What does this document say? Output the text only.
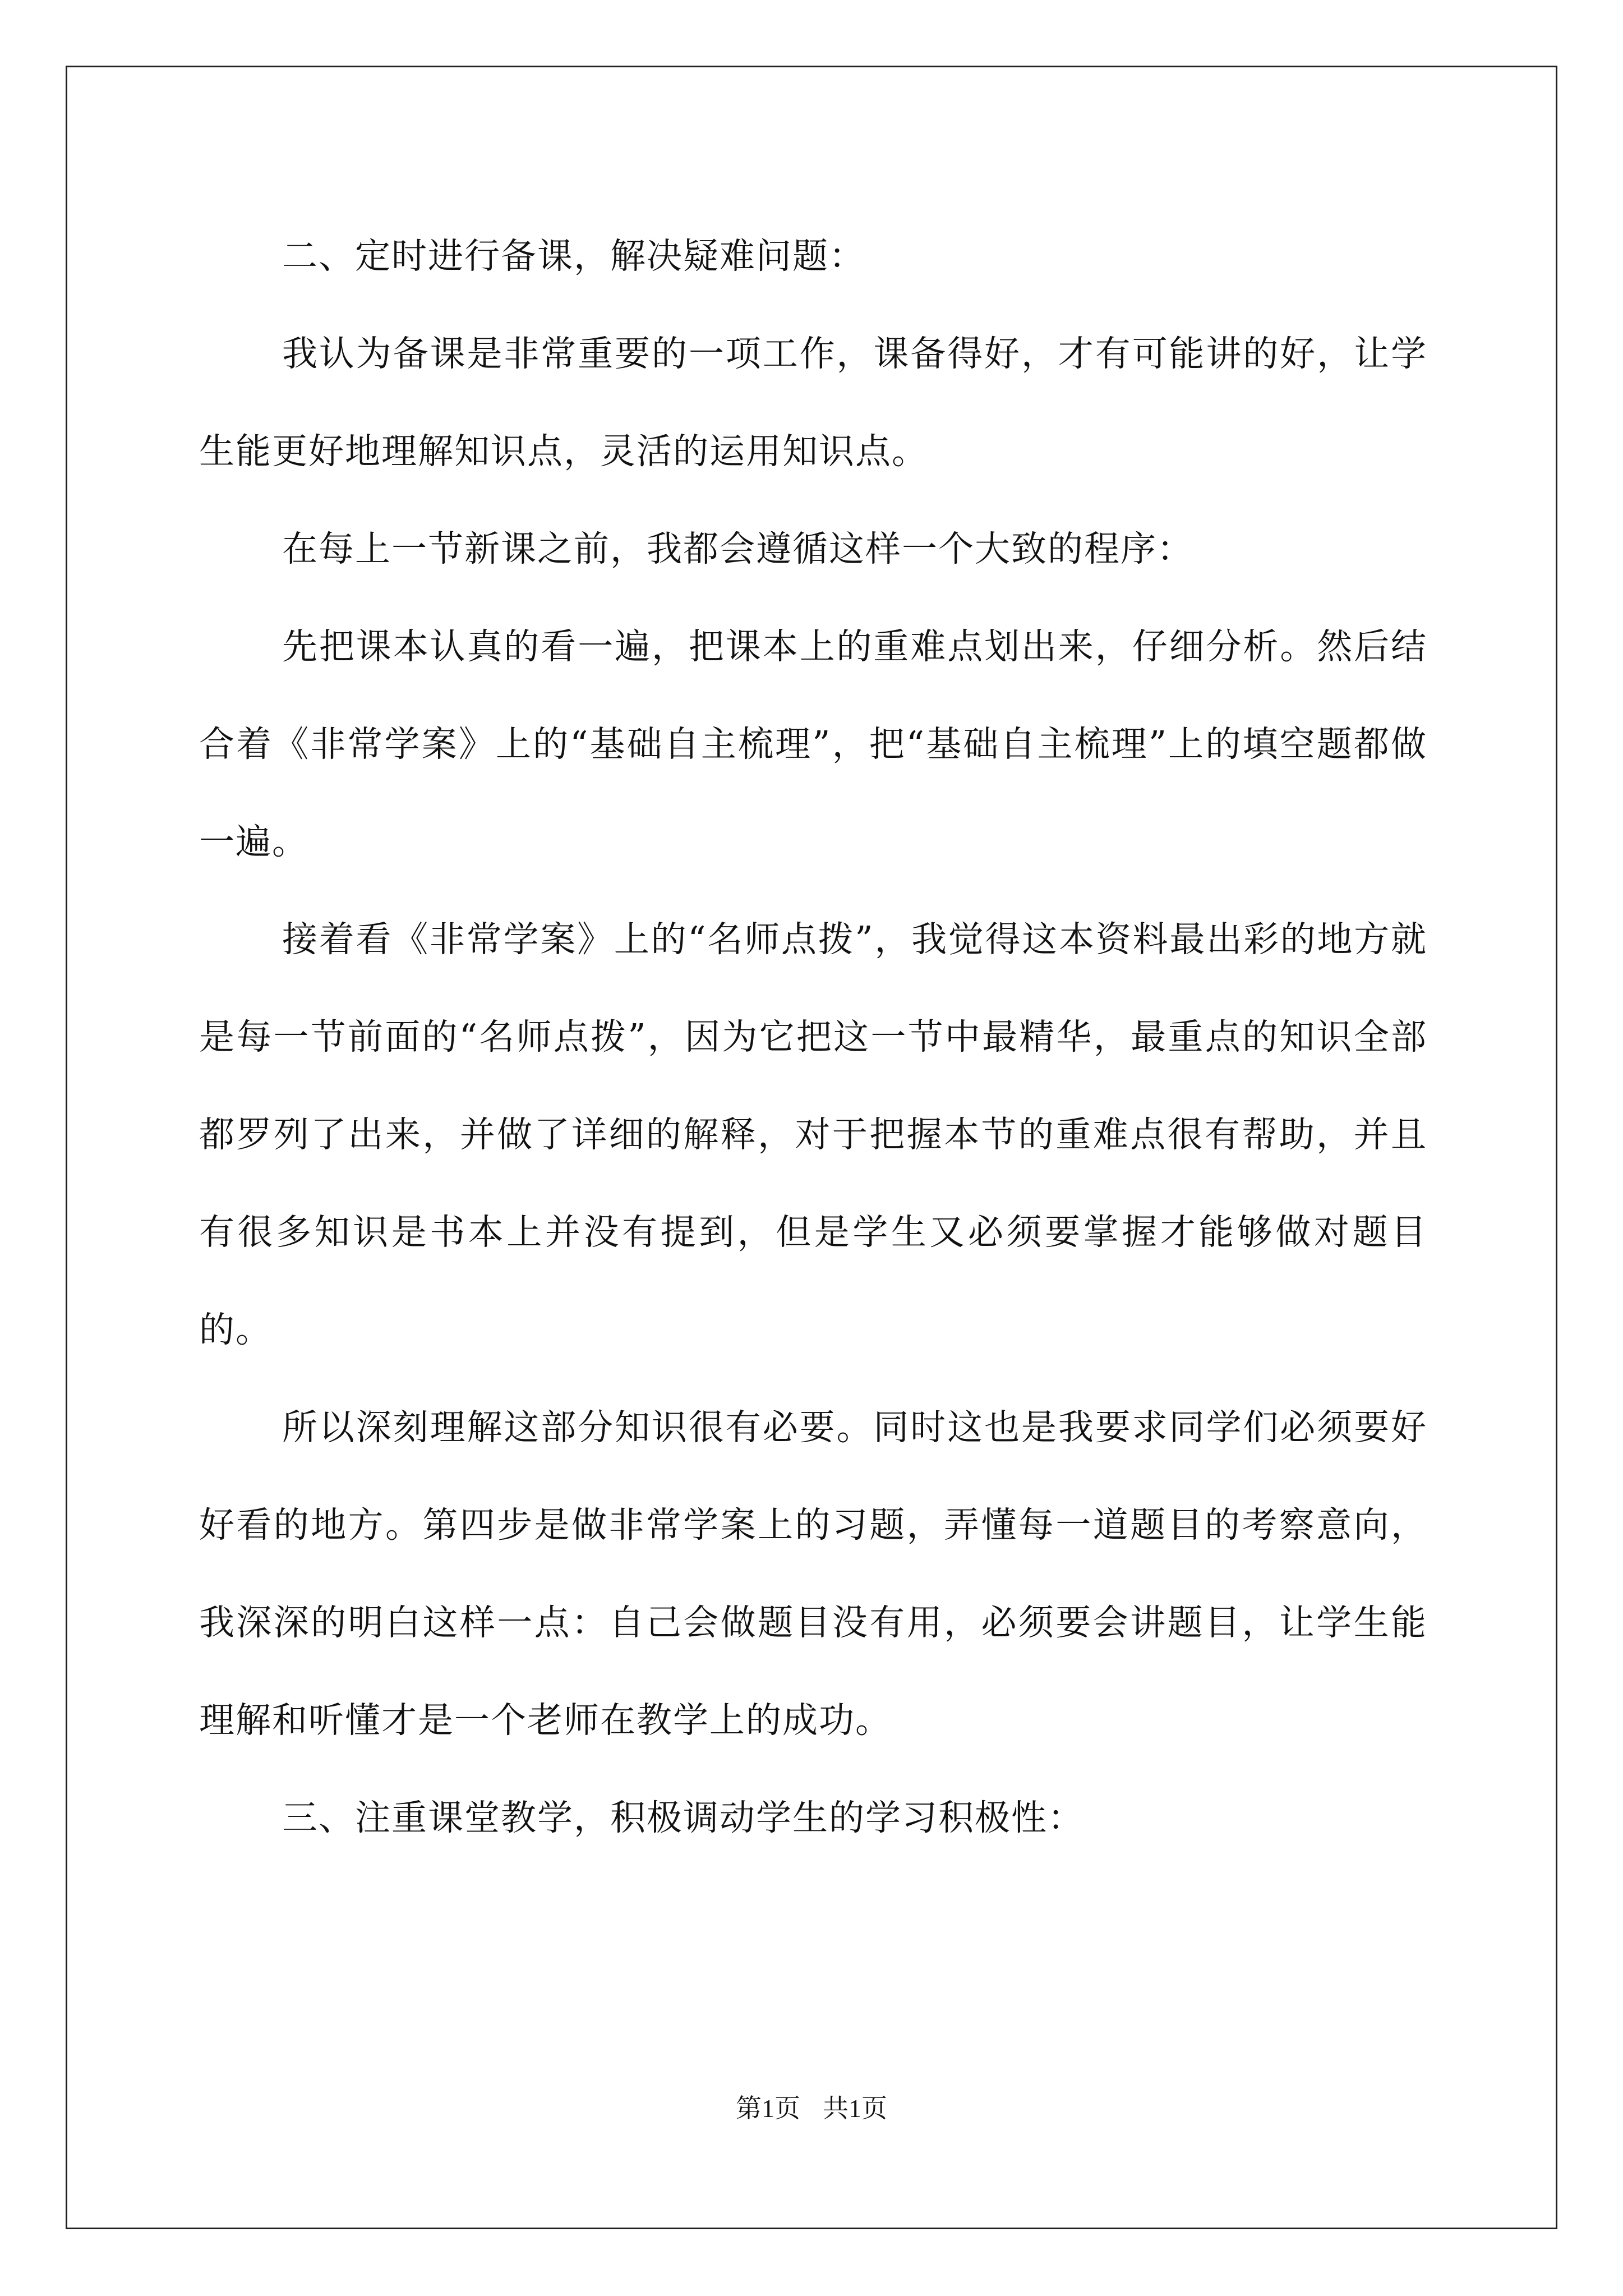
二、定时进行备课，解决疑难问题：

我认为备课是非常重要的一项工作，课备得好，才有可能讲的好，让学生能更好地理解知识点，灵活的运用知识点。

在每上一节新课之前，我都会遵循这样一个大致的程序：

先把课本认真的看一遍，把课本上的重难点划出来，仔细分析。然后结合着《非常学案》上的“基础自主梳理”，把“基础自主梳理”上的填空题都做一遍。

接着看《非常学案》上的“名师点拨”，我觉得这本资料最出彩的地方就是每一节前面的“名师点拨”，因为它把这一节中最精华，最重点的知识全部都罗列了出来，并做了详细的解释，对于把握本节的重难点很有帮助，并且有很多知识是书本上并没有提到，但是学生又必须要掌握才能够做对题目的。

所以深刻理解这部分知识很有必要。同时这也是我要求同学们必须要好好看的地方。第四步是做非常学案上的习题，弄懂每一道题目的考察意向，我深深的明白这样一点：自己会做题目没有用，必须要会讲题目，让学生能理解和听懂才是一个老师在教学上的成功。

三、注重课堂教学，积极调动学生的学习积极性：

第1页 共1页
